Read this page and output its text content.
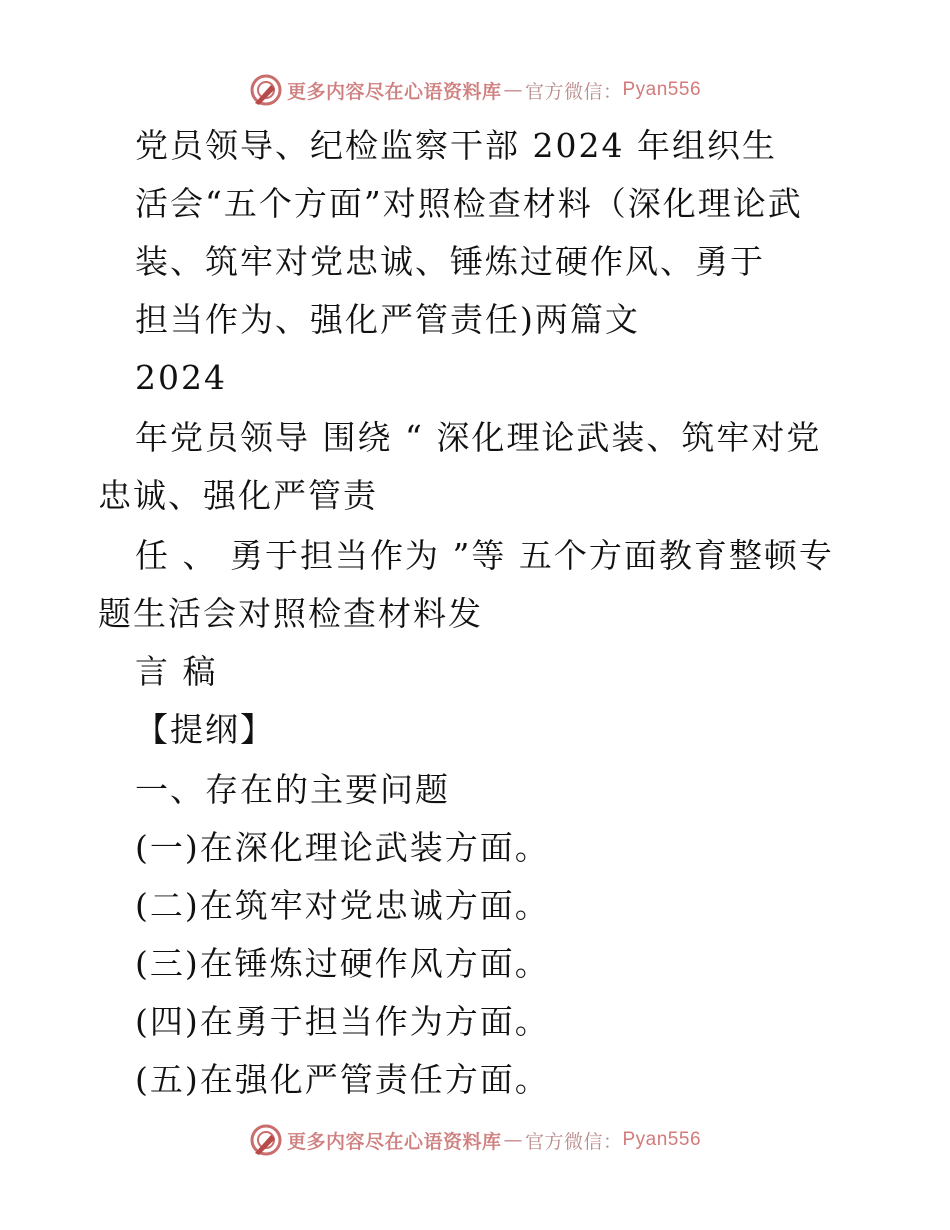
更多内容尽在心语资料库 — 官方微信： Pyan556
党员领导、纪检监察干部 2024 年组织生
活会“五个方面”对照检查材料（深化理论武
装、筑牢对党忠诚、锤炼过硬作风、勇于
担当作为、强化严管责任)两篇文
2024
年党员领导 围绕 “ 深化理论武装、筑牢对党
忠诚、强化严管责
任 、 勇于担当作为 ”等 五个方面教育整顿专
题生活会对照检查材料发
言 稿
【提纲】
一、存在的主要问题
(一)在深化理论武装方面。
(二)在筑牢对党忠诚方面。
(三)在锤炼过硬作风方面。
(四)在勇于担当作为方面。
(五)在强化严管责任方面。
更多内容尽在心语资料库 — 官方微信： Pyan556
